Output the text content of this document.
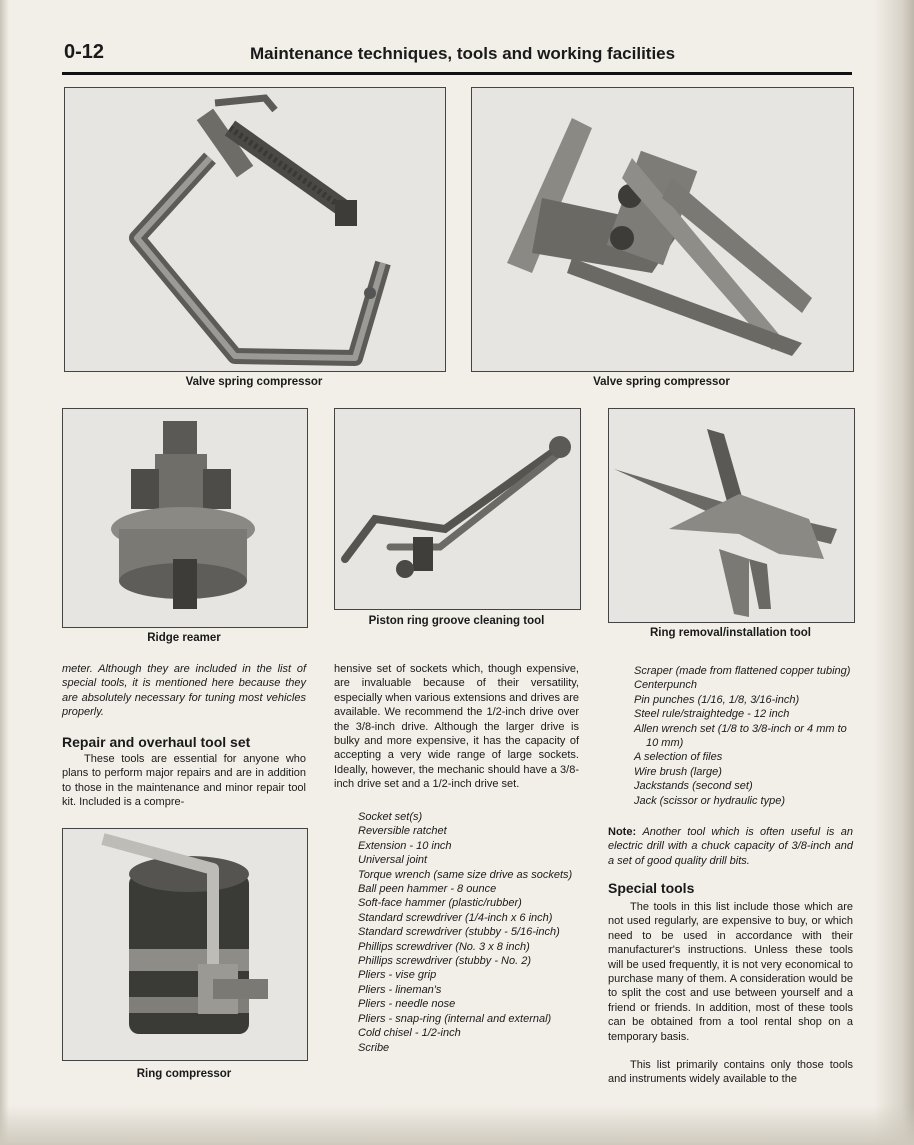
0-12	Maintenance techniques, tools and working facilities
Valve spring compressor	Valve spring compressor
Ridge reamer
Piston ring groove cleaning tool
Ring removal/installation tool
Ring compressor
meter. Although they are included in the list of special tools, it is mentioned here because they are absolutely necessary for tuning most vehicles properly.
Repair and overhaul tool set
These tools are essential for anyone who plans to perform major repairs and are in addition to those in the maintenance and minor repair tool kit. Included is a compre-
hensive set of sockets which, though expensive, are invaluable because of their versatility, especially when various extensions and drives are available. We recommend the 1/2-inch drive over the 3/8-inch drive. Although the larger drive is bulky and more expensive, it has the capacity of accepting a very wide range of large sockets. Ideally, however, the mechanic should have a 3/8-inch drive set and a 1/2-inch drive set.
Socket set(s)
Reversible ratchet
Extension - 10 inch
Universal joint
Torque wrench (same size drive as sockets)
Ball peen hammer - 8 ounce
Soft-face hammer (plastic/rubber)
Standard screwdriver (1/4-inch x 6 inch)
Standard screwdriver (stubby - 5/16-inch)
Phillips screwdriver (No. 3 x 8 inch)
Phillips screwdriver (stubby - No. 2)
Pliers - vise grip
Pliers - lineman's
Pliers - needle nose
Pliers - snap-ring (internal and external)
Cold chisel - 1/2-inch
Scribe
Scraper (made from flattened copper tubing)
Centerpunch
Pin punches (1/16, 1/8, 3/16-inch)
Steel rule/straightedge - 12 inch
Allen wrench set (1/8 to 3/8-inch or 4 mm to 10 mm)
A selection of files
Wire brush (large)
Jackstands (second set)
Jack (scissor or hydraulic type)
Note: Another tool which is often useful is an electric drill with a chuck capacity of 3/8-inch and a set of good quality drill bits.
Special tools
The tools in this list include those which are not used regularly, are expensive to buy, or which need to be used in accordance with their manufacturer's instructions. Unless these tools will be used frequently, it is not very economical to purchase many of them. A consideration would be to split the cost and use between yourself and a friend or friends. In addition, most of these tools can be obtained from a tool rental shop on a temporary basis.
This list primarily contains only those tools and instruments widely available to the
